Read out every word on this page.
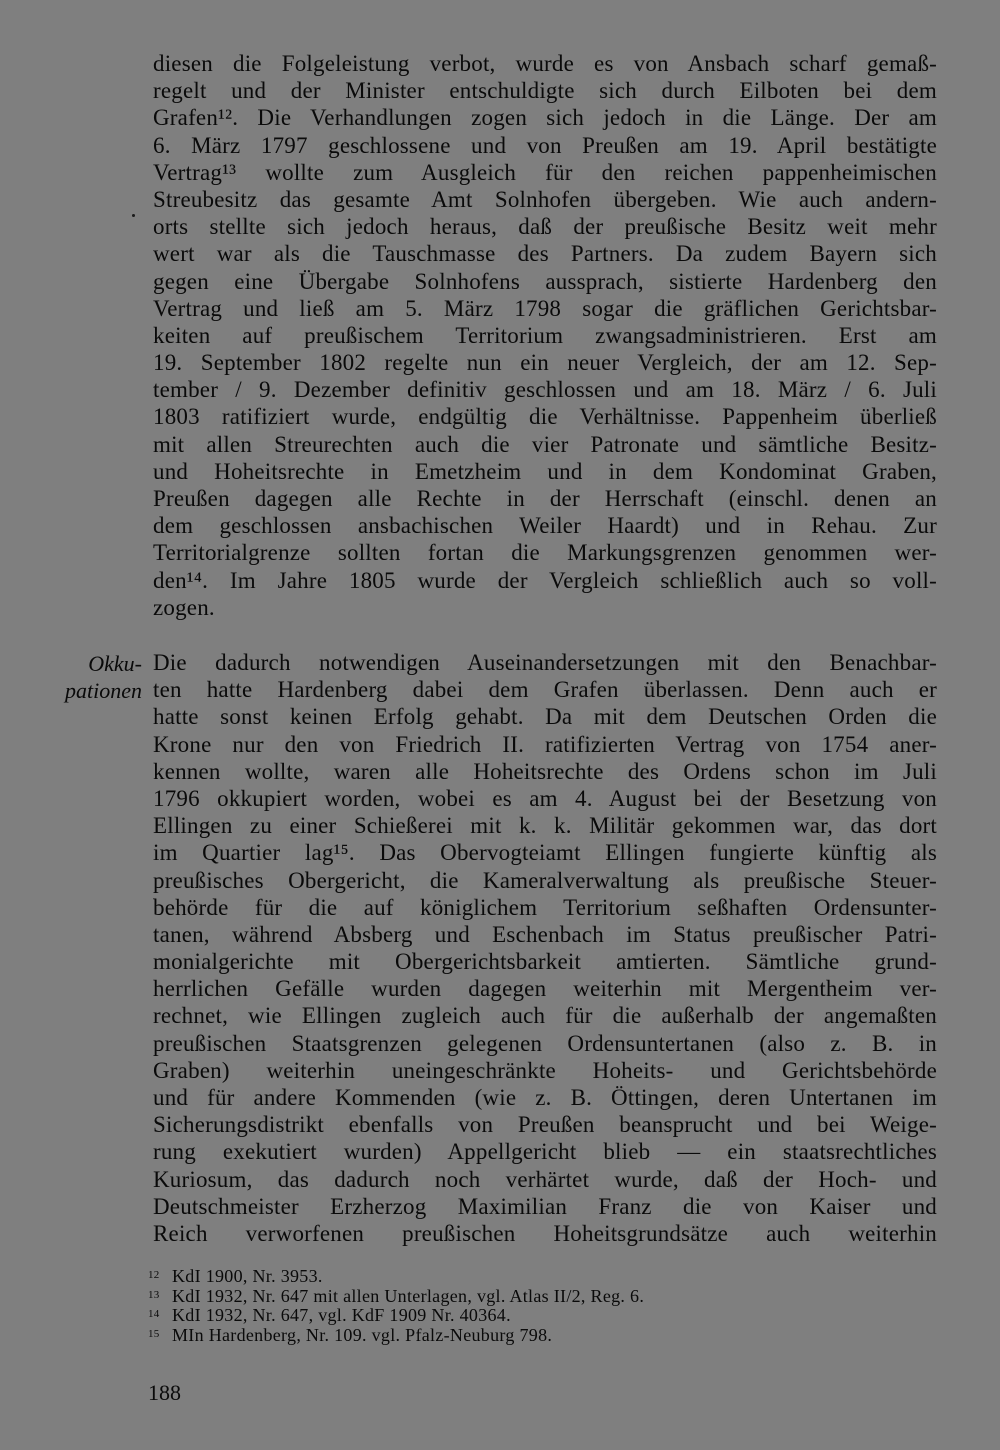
diesen die Folgeleistung verbot, wurde es von Ansbach scharf gemaß-
regelt und der Minister entschuldigte sich durch Eilboten bei dem
Grafen¹². Die Verhandlungen zogen sich jedoch in die Länge. Der am
6. März 1797 geschlossene und von Preußen am 19. April bestätigte
Vertrag¹³ wollte zum Ausgleich für den reichen pappenheimischen
Streubesitz das gesamte Amt Solnhofen übergeben. Wie auch andern-
orts stellte sich jedoch heraus, daß der preußische Besitz weit mehr
wert war als die Tauschmasse des Partners. Da zudem Bayern sich
gegen eine Übergabe Solnhofens aussprach, sistierte Hardenberg den
Vertrag und ließ am 5. März 1798 sogar die gräflichen Gerichtsbar-
keiten auf preußischem Territorium zwangsadministrieren. Erst am
19. September 1802 regelte nun ein neuer Vergleich, der am 12. Sep-
tember / 9. Dezember definitiv geschlossen und am 18. März / 6. Juli
1803 ratifiziert wurde, endgültig die Verhältnisse. Pappenheim überließ
mit allen Streurechten auch die vier Patronate und sämtliche Besitz-
und Hoheitsrechte in Emetzheim und in dem Kondominat Graben,
Preußen dagegen alle Rechte in der Herrschaft (einschl. denen an
dem geschlossen ansbachischen Weiler Haardt) und in Rehau. Zur
Territorialgrenze sollten fortan die Markungsgrenzen genommen wer-
den¹⁴. Im Jahre 1805 wurde der Vergleich schließlich auch so voll-
zogen.
Okku-
pationen
Die dadurch notwendigen Auseinandersetzungen mit den Benachbar-
ten hatte Hardenberg dabei dem Grafen überlassen. Denn auch er
hatte sonst keinen Erfolg gehabt. Da mit dem Deutschen Orden die
Krone nur den von Friedrich II. ratifizierten Vertrag von 1754 aner-
kennen wollte, waren alle Hoheitsrechte des Ordens schon im Juli
1796 okkupiert worden, wobei es am 4. August bei der Besetzung von
Ellingen zu einer Schießerei mit k. k. Militär gekommen war, das dort
im Quartier lag¹⁵. Das Obervogteiamt Ellingen fungierte künftig als
preußisches Obergericht, die Kameralverwaltung als preußische Steuer-
behörde für die auf königlichem Territorium seßhaften Ordensunter-
tanen, während Absberg und Eschenbach im Status preußischer Patri-
monialgerichte mit Obergerichtsbarkeit amtierten. Sämtliche grund-
herrlichen Gefälle wurden dagegen weiterhin mit Mergentheim ver-
rechnet, wie Ellingen zugleich auch für die außerhalb der angemaßten
preußischen Staatsgrenzen gelegenen Ordensuntertanen (also z. B. in
Graben) weiterhin uneingeschränkte Hoheits- und Gerichtsbehörde
und für andere Kommenden (wie z. B. Öttingen, deren Untertanen im
Sicherungsdistrikt ebenfalls von Preußen beansprucht und bei Weige-
rung exekutiert wurden) Appellgericht blieb — ein staatsrechtliches
Kuriosum, das dadurch noch verhärtet wurde, daß der Hoch- und
Deutschmeister Erzherzog Maximilian Franz die von Kaiser und
Reich verworfenen preußischen Hoheitsgrundsätze auch weiterhin
12 KdI 1900, Nr. 3953.
13 KdI 1932, Nr. 647 mit allen Unterlagen, vgl. Atlas II/2, Reg. 6.
14 KdI 1932, Nr. 647, vgl. KdF 1909 Nr. 40364.
15 MIn Hardenberg, Nr. 109. vgl. Pfalz-Neuburg 798.
188
